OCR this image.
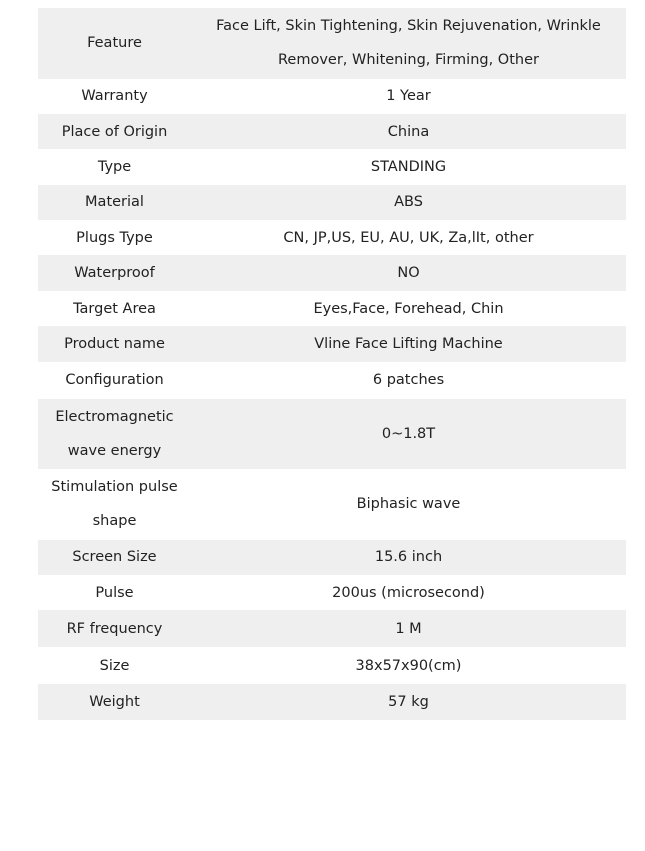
Feature	Face Lift, Skin Tightening, Skin Rejuvenation, Wrinkle Remover, Whitening, Firming, Other
Warranty	1 Year
Place of Origin	China
Type	STANDING
Material	ABS
Plugs Type	CN, JP,US, EU, AU, UK, Za,lIt, other
Waterproof	NO
Target Area	Eyes,Face, Forehead, Chin
Product name	Vline Face Lifting Machine
Configuration	6 patches
Electromagnetic wave energy	0~1.8T
Stimulation pulse shape	Biphasic wave
Screen Size	15.6 inch
Pulse	200us (microsecond)
RF frequency	1 M
Size	38x57x90(cm)
Weight	57 kg
